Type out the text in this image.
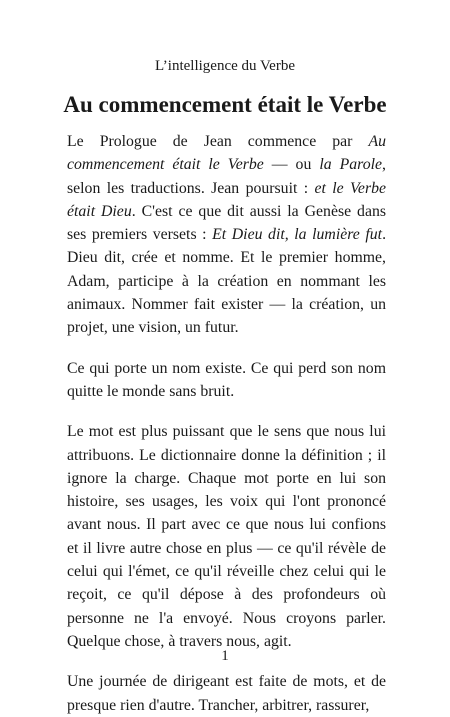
L’intelligence du Verbe
Au commencement était le Verbe

Le Prologue de Jean commence par Au commencement était le Verbe — ou la Parole, selon les traductions. Jean poursuit : et le Verbe était Dieu. C'est ce que dit aussi la Genèse dans ses premiers versets : Et Dieu dit, la lumière fut. Dieu dit, crée et nomme. Et le premier homme, Adam, participe à la création en nommant les animaux. Nommer fait exister — la création, un projet, une vision, un futur.

Ce qui porte un nom existe. Ce qui perd son nom quitte le monde sans bruit.

Le mot est plus puissant que le sens que nous lui attribuons. Le dictionnaire donne la définition ; il ignore la charge. Chaque mot porte en lui son histoire, ses usages, les voix qui l'ont prononcé avant nous. Il part avec ce que nous lui confions et il livre autre chose en plus — ce qu'il révèle de celui qui l'émet, ce qu'il réveille chez celui qui le reçoit, ce qu'il dépose à des profondeurs où personne ne l'a envoyé. Nous croyons parler. Quelque chose, à travers nous, agit.

Une journée de dirigeant est faite de mots, et de presque rien d'autre. Trancher, arbitrer, rassurer,

1
